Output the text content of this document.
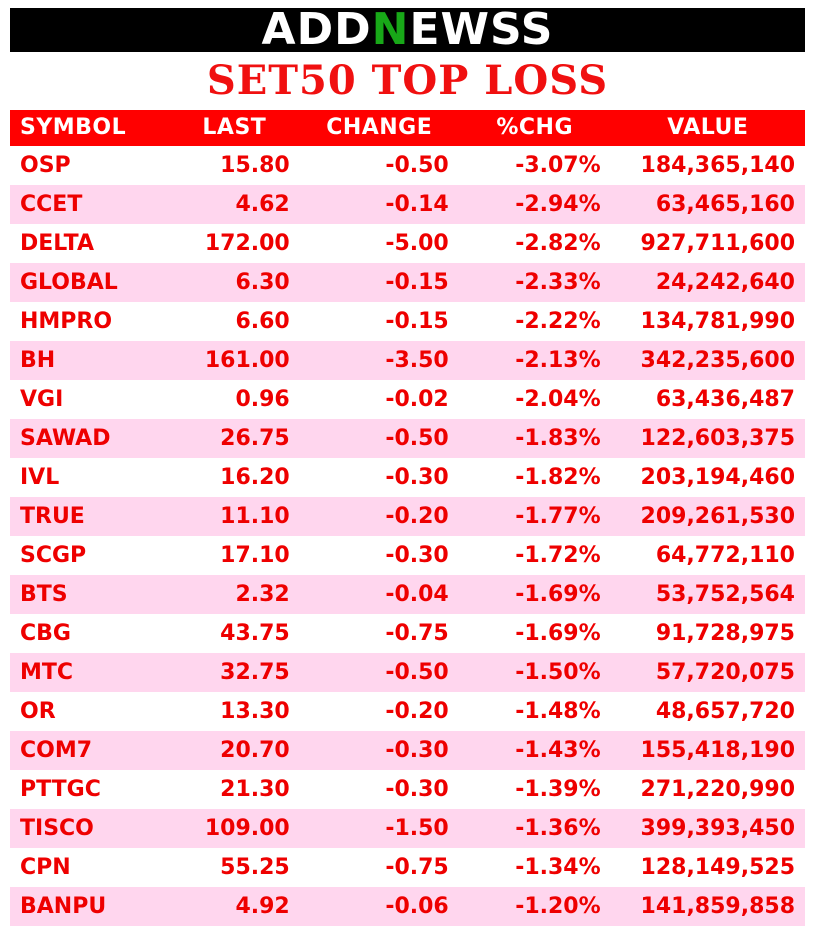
ADDNEWSS
SET50 TOP LOSS
SYMBOL	LAST	CHANGE	%CHG	VALUE
OSP	15.80	-0.50	-3.07%	184,365,140
CCET	4.62	-0.14	-2.94%	63,465,160
DELTA	172.00	-5.00	-2.82%	927,711,600
GLOBAL	6.30	-0.15	-2.33%	24,242,640
HMPRO	6.60	-0.15	-2.22%	134,781,990
BH	161.00	-3.50	-2.13%	342,235,600
VGI	0.96	-0.02	-2.04%	63,436,487
SAWAD	26.75	-0.50	-1.83%	122,603,375
IVL	16.20	-0.30	-1.82%	203,194,460
TRUE	11.10	-0.20	-1.77%	209,261,530
SCGP	17.10	-0.30	-1.72%	64,772,110
BTS	2.32	-0.04	-1.69%	53,752,564
CBG	43.75	-0.75	-1.69%	91,728,975
MTC	32.75	-0.50	-1.50%	57,720,075
OR	13.30	-0.20	-1.48%	48,657,720
COM7	20.70	-0.30	-1.43%	155,418,190
PTTGC	21.30	-0.30	-1.39%	271,220,990
TISCO	109.00	-1.50	-1.36%	399,393,450
CPN	55.25	-0.75	-1.34%	128,149,525
BANPU	4.92	-0.06	-1.20%	141,859,858
